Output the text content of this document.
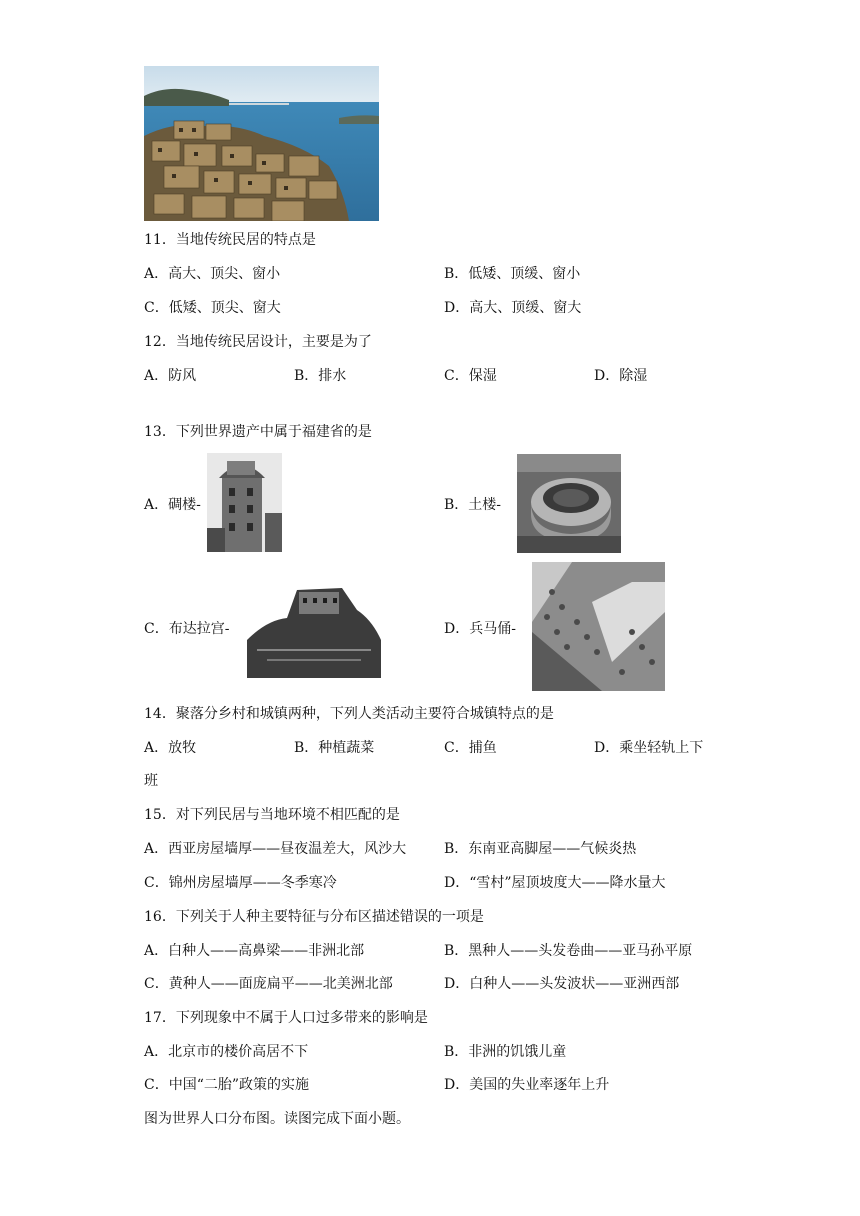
11．当地传统民居的特点是
A．高大、顶尖、窗小	B．低矮、顶缓、窗小
C．低矮、顶尖、窗大	D．高大、顶缓、窗大
12．当地传统民居设计，主要是为了
A．防风	B．排水	C．保湿	D．除湿
13．下列世界遗产中属于福建省的是
A．碉楼-	B．土楼-
C．布达拉宫-	D．兵马俑-
14．聚落分乡村和城镇两种，下列人类活动主要符合城镇特点的是
A．放牧	B．种植蔬菜	C．捕鱼	D．乘坐轻轨上下
班
15．对下列民居与当地环境不相匹配的是
A．西亚房屋墙厚——昼夜温差大，风沙大	B．东南亚高脚屋——气候炎热
C．锦州房屋墙厚——冬季寒冷	D．“雪村”屋顶坡度大——降水量大
16．下列关于人种主要特征与分布区描述错误的一项是
A．白种人——高鼻梁——非洲北部	B．黑种人——头发卷曲——亚马孙平原
C．黄种人——面庞扁平——北美洲北部	D．白种人——头发波状——亚洲西部
17．下列现象中不属于人口过多带来的影响是
A．北京市的楼价高居不下	B．非洲的饥饿儿童
C．中国“二胎”政策的实施	D．美国的失业率逐年上升
图为世界人口分布图。读图完成下面小题。
